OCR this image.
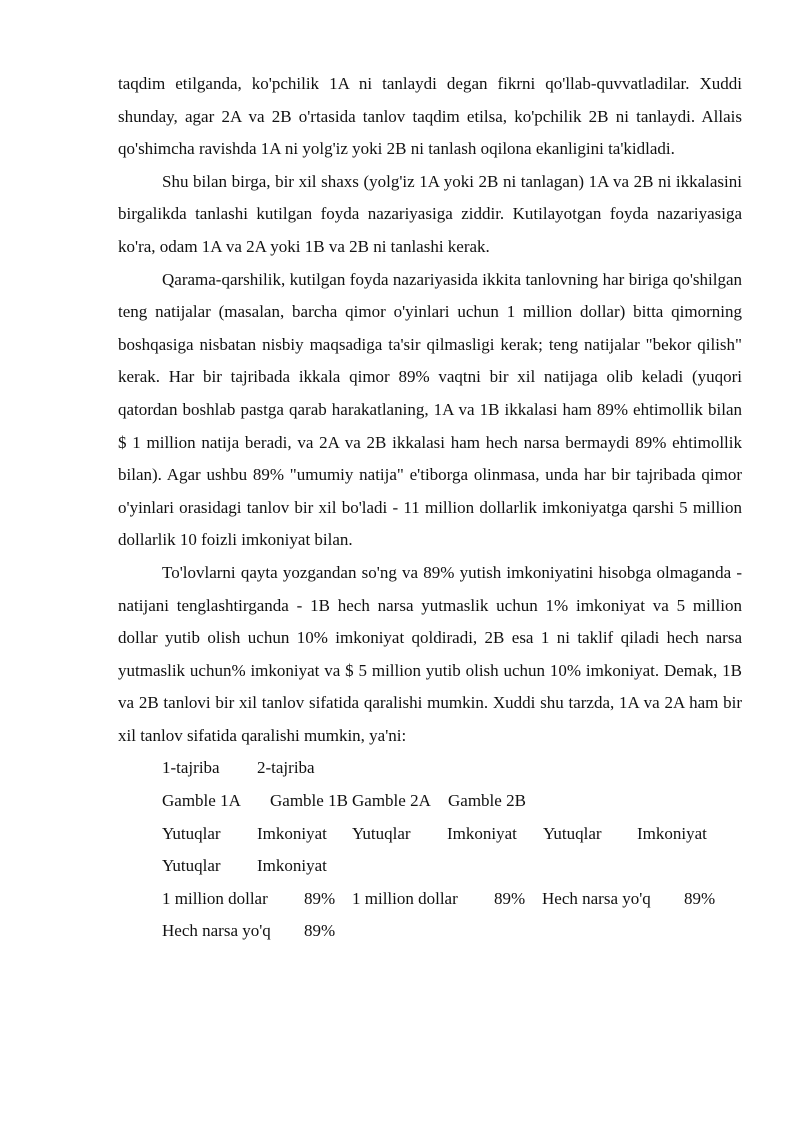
taqdim etilganda, ko'pchilik 1A ni tanlaydi degan fikrni qo'llab-quvvatladilar. Xuddi shunday, agar 2A va 2B o'rtasida tanlov taqdim etilsa, ko'pchilik 2B ni tanlaydi. Allais qo'shimcha ravishda 1A ni yolg'iz yoki 2B ni tanlash oqilona ekanligini ta'kidladi.

Shu bilan birga, bir xil shaxs (yolg'iz 1A yoki 2B ni tanlagan) 1A va 2B ni ikkalasini birgalikda tanlashi kutilgan foyda nazariyasiga ziddir. Kutilayotgan foyda nazariyasiga ko'ra, odam 1A va 2A yoki 1B va 2B ni tanlashi kerak.

Qarama-qarshilik, kutilgan foyda nazariyasida ikkita tanlovning har biriga qo'shilgan teng natijalar (masalan, barcha qimor o'yinlari uchun 1 million dollar) bitta qimorning boshqasiga nisbatan nisbiy maqsadiga ta'sir qilmasligi kerak; teng natijalar "bekor qilish" kerak. Har bir tajribada ikkala qimor 89% vaqtni bir xil natijaga olib keladi (yuqori qatordan boshlab pastga qarab harakatlaning, 1A va 1B ikkalasi ham 89% ehtimollik bilan $ 1 million natija beradi, va 2A va 2B ikkalasi ham hech narsa bermaydi 89% ehtimollik bilan). Agar ushbu 89% "umumiy natija" e'tiborga olinmasa, unda har bir tajribada qimor o'yinlari orasidagi tanlov bir xil bo'ladi - 11 million dollarlik imkoniyatga qarshi 5 million dollarlik 10 foizli imkoniyat bilan.

To'lovlarni qayta yozgandan so'ng va 89% yutish imkoniyatini hisobga olmaganda - natijani tenglashtirganda - 1B hech narsa yutmaslik uchun 1% imkoniyat va 5 million dollar yutib olish uchun 10% imkoniyat qoldiradi, 2B esa 1 ni taklif qiladi hech narsa yutmaslik uchun% imkoniyat va $ 5 million yutib olish uchun 10% imkoniyat. Demak, 1B va 2B tanlovi bir xil tanlov sifatida qaralishi mumkin. Xuddi shu tarzda, 1A va 2A ham bir xil tanlov sifatida qaralishi mumkin, ya'ni:

1-tajriba 2-tajriba
Gamble 1A Gamble 1B Gamble 2A Gamble 2B
Yutuqlar Imkoniyat Yutuqlar Imkoniyat Yutuqlar Imkoniyat
Yutuqlar Imkoniyat
1 million dollar 89% 1 million dollar 89% Hech narsa yo'q 89%
Hech narsa yo'q 89%
